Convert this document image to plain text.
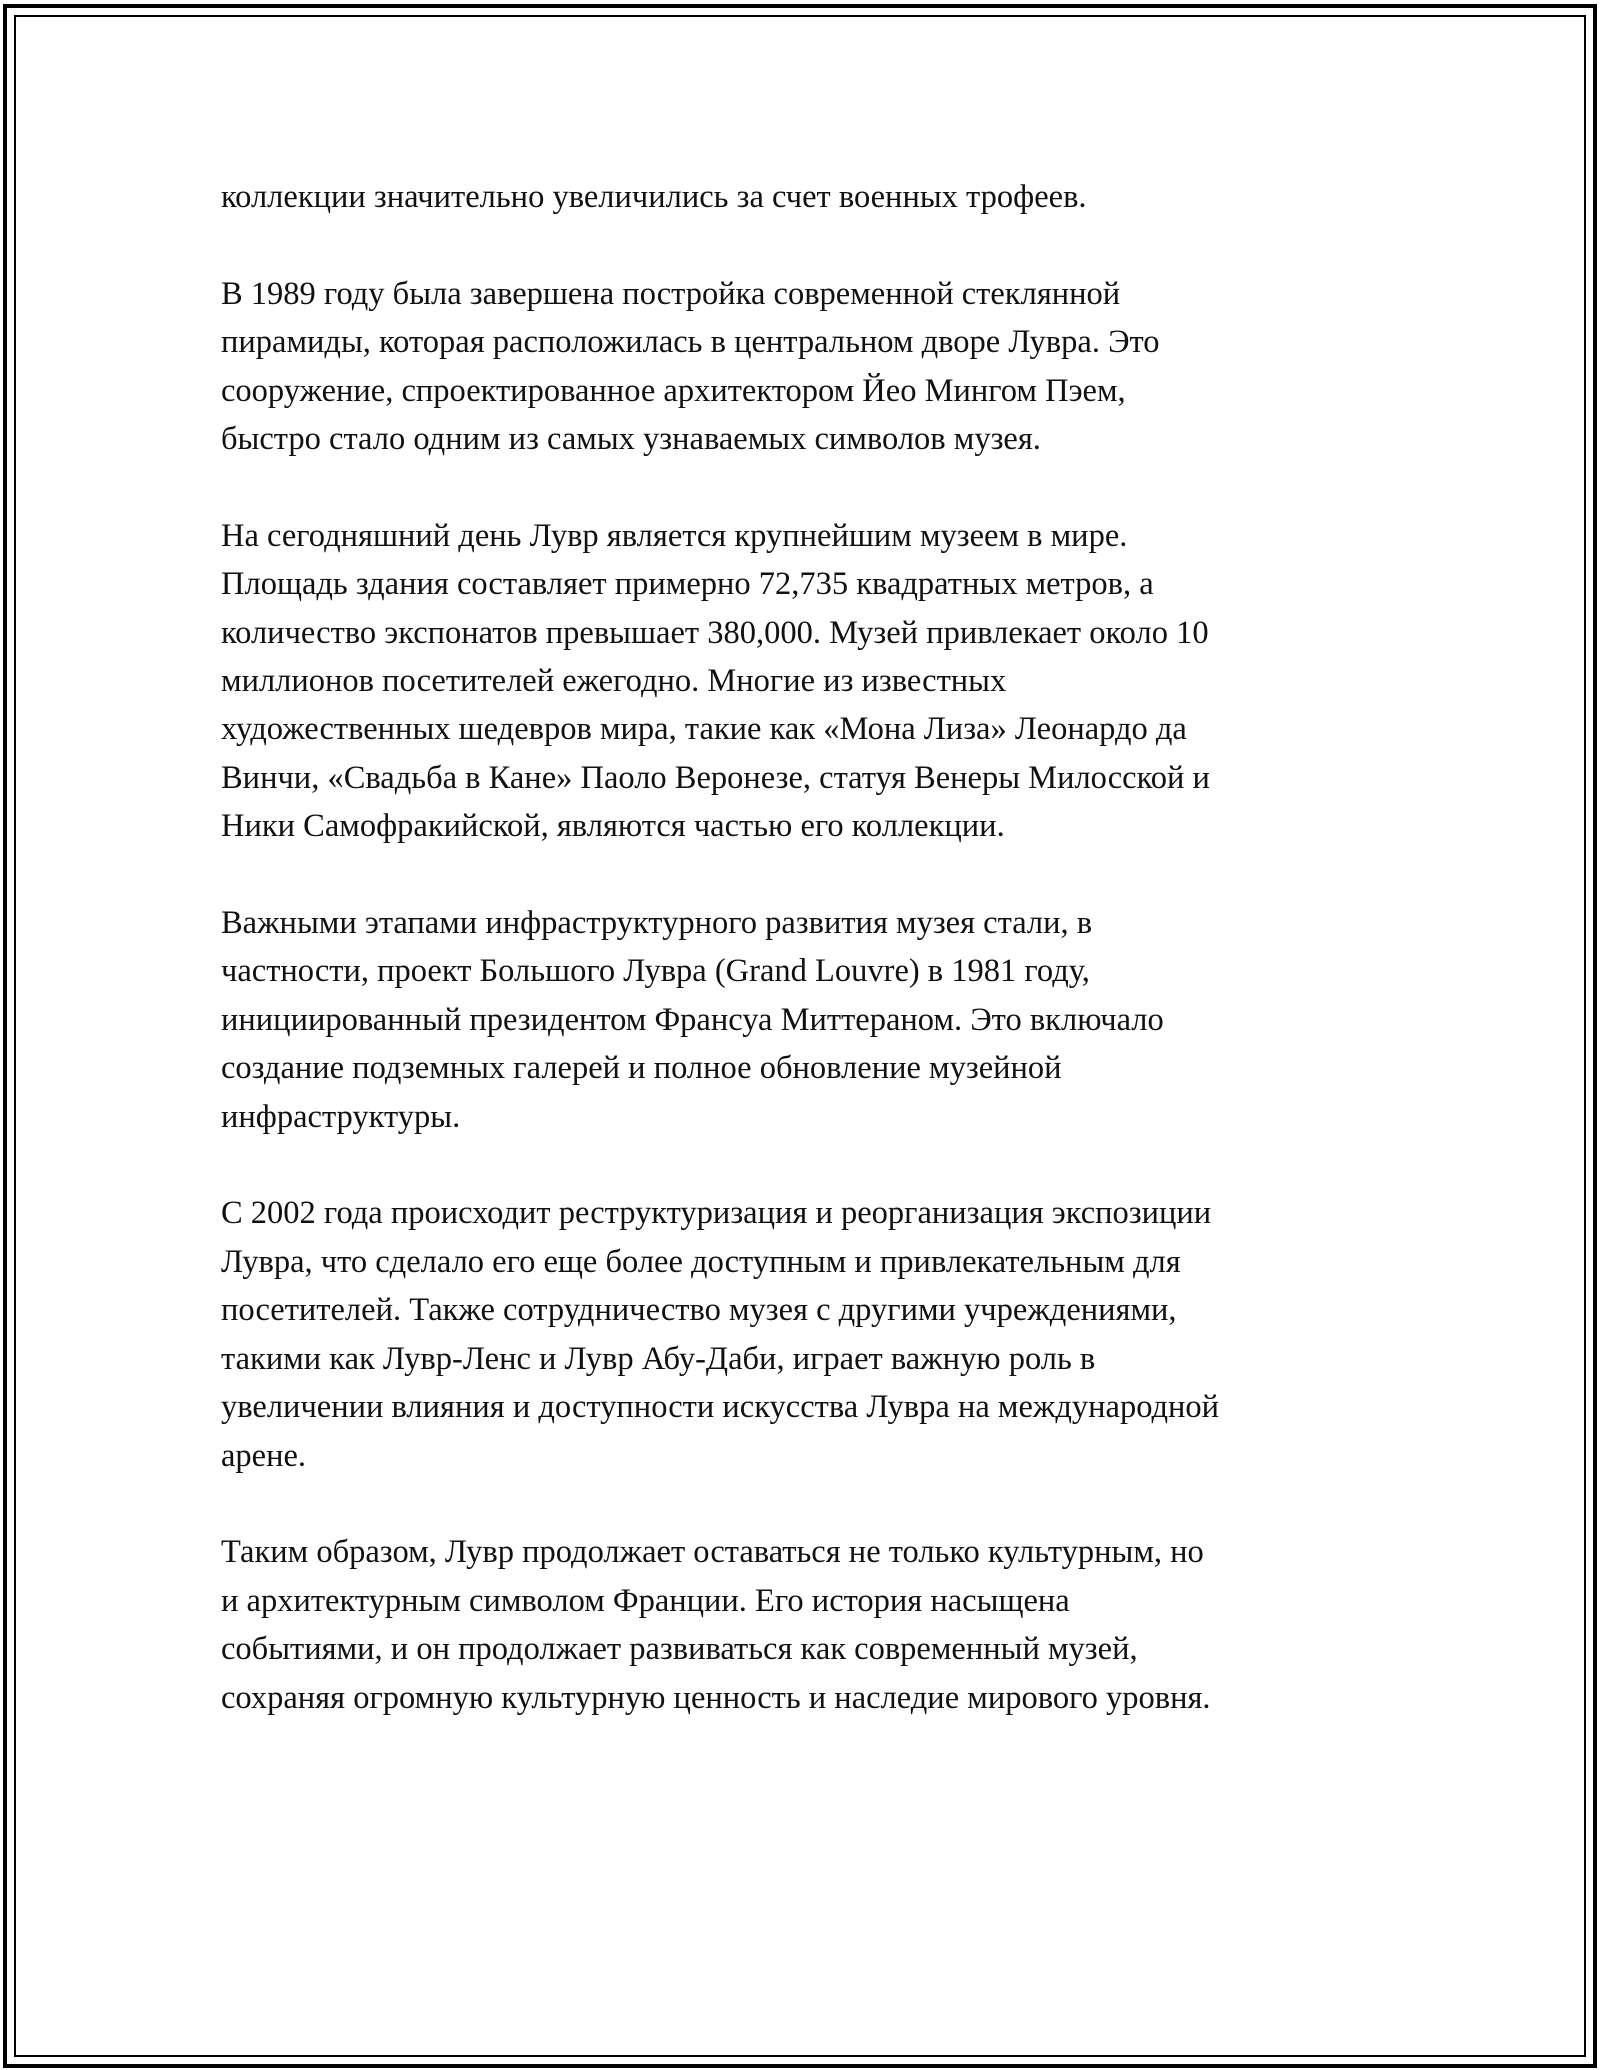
коллекции значительно увеличились за счет военных трофеев.

В 1989 году была завершена постройка современной стеклянной
пирамиды, которая расположилась в центральном дворе Лувра. Это
сооружение, спроектированное архитектором Йео Мингом Пэем,
быстро стало одним из самых узнаваемых символов музея.

На сегодняшний день Лувр является крупнейшим музеем в мире.
Площадь здания составляет примерно 72,735 квадратных метров, а
количество экспонатов превышает 380,000. Музей привлекает около 10
миллионов посетителей ежегодно. Многие из известных
художественных шедевров мира, такие как «Мона Лиза» Леонардо да
Винчи, «Свадьба в Кане» Паоло Веронезе, статуя Венеры Милосской и
Ники Самофракийской, являются частью его коллекции.

Важными этапами инфраструктурного развития музея стали, в
частности, проект Большого Лувра (Grand Louvre) в 1981 году,
инициированный президентом Франсуа Миттераном. Это включало
создание подземных галерей и полное обновление музейной
инфраструктуры.

С 2002 года происходит реструктуризация и реорганизация экспозиции
Лувра, что сделало его еще более доступным и привлекательным для
посетителей. Также сотрудничество музея с другими учреждениями,
такими как Лувр-Ленс и Лувр Абу-Даби, играет важную роль в
увеличении влияния и доступности искусства Лувра на международной
арене.

Таким образом, Лувр продолжает оставаться не только культурным, но
и архитектурным символом Франции. Его история насыщена
событиями, и он продолжает развиваться как современный музей,
сохраняя огромную культурную ценность и наследие мирового уровня.
